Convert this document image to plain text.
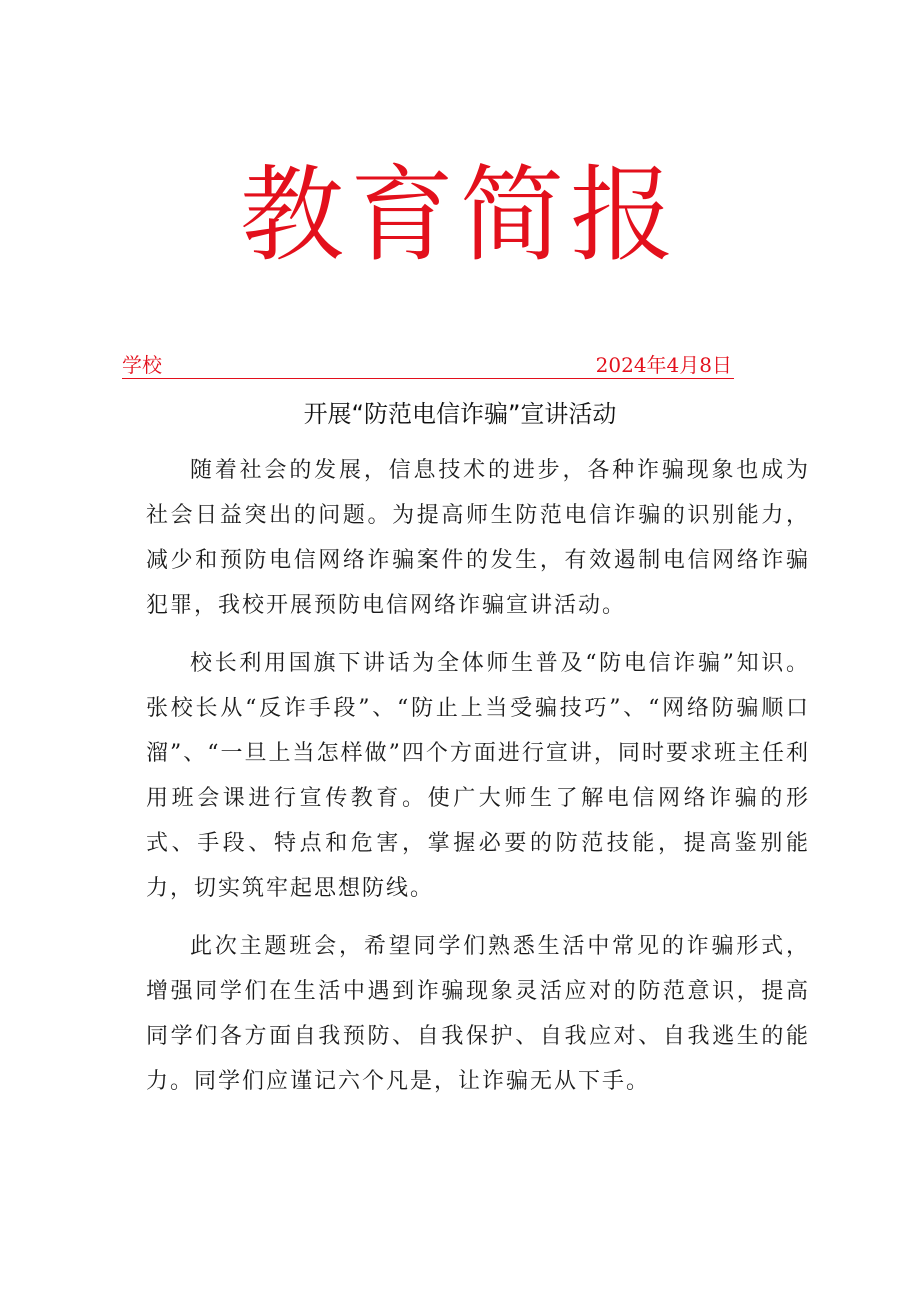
教育简报
学校	2024年4月8日
开展“防范电信诈骗”宣讲活动

随着社会的发展，信息技术的进步，各种诈骗现象也成为社会日益突出的问题。为提高师生防范电信诈骗的识别能力，减少和预防电信网络诈骗案件的发生，有效遏制电信网络诈骗犯罪，我校开展预防电信网络诈骗宣讲活动。

校长利用国旗下讲话为全体师生普及“防电信诈骗”知识。张校长从“反诈手段”、“防止上当受骗技巧”、“网络防骗顺口溜”、“一旦上当怎样做”四个方面进行宣讲，同时要求班主任利用班会课进行宣传教育。使广大师生了解电信网络诈骗的形式、手段、特点和危害，掌握必要的防范技能，提高鉴别能力，切实筑牢起思想防线。

此次主题班会，希望同学们熟悉生活中常见的诈骗形式，增强同学们在生活中遇到诈骗现象灵活应对的防范意识，提高同学们各方面自我预防、自我保护、自我应对、自我逃生的能力。同学们应谨记六个凡是，让诈骗无从下手。
